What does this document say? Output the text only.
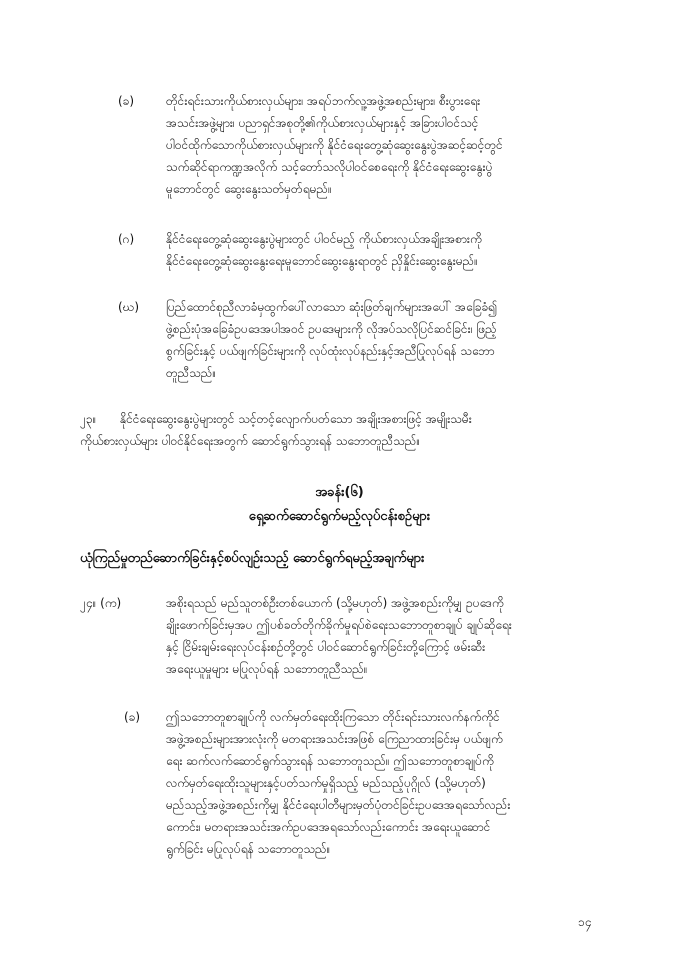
(ခ)	တိုင်းရင်းသားကိုယ်စားလှယ်များ၊ အရပ်ဘက်လူ့အဖွဲ့အစည်းများ၊ စီးပွားရေး
အသင်းအဖွဲ့များ၊ ပညာရှင်အစုတို့၏ကိုယ်စားလှယ်များနှင့် အခြားပါဝင်သင့်
ပါဝင်ထိုက်သောကိုယ်စားလှယ်များကို နိုင်ငံရေးတွေ့ဆုံဆွေးနွေးပွဲအဆင့်ဆင့်တွင်
သက်ဆိုင်ရာကဏ္ဍအလိုက် သင့်တော်သလိုပါဝင်စေရေးကို နိုင်ငံရေးဆွေးနွေးပွဲ
မူဘောင်တွင် ဆွေးနွေးသတ်မှတ်ရမည်။
(ဂ)	နိုင်ငံရေးတွေ့ဆုံဆွေးနွေးပွဲများတွင် ပါဝင်မည့် ကိုယ်စားလှယ်အချိုးအစားကို
နိုင်ငံရေးတွေ့ဆုံဆွေးနွေးရေးမူဘောင်ဆွေးနွေးရာတွင် ညှိနှိုင်းဆွေးနွေးမည်။
(ဃ) ပြည်ထောင်စုညီလာခံမှထွက်ပေါ်လာသော ဆုံးဖြတ်ချက်များအပေါ် အခြေခံ၍
ဖွဲ့စည်းပုံအခြေခံဥပဒေအပါအဝင် ဥပဒေများကို လိုအပ်သလိုပြင်ဆင်ခြင်း၊ ဖြည့်
စွက်ခြင်းနှင့် ပယ်ဖျက်ခြင်းများကို လုပ်ထုံးလုပ်နည်းနှင့်အညီပြုလုပ်ရန် သဘော
တူညီသည်။
၂၃။	နိုင်ငံရေးဆွေးနွေးပွဲများတွင် သင့်တင့်လျောက်ပတ်သော အချိုးအစားဖြင့် အမျိုးသမီး
ကိုယ်စားလှယ်များ ပါဝင်နိုင်ရေးအတွက် ဆောင်ရွက်သွားရန် သဘောတူညီသည်။
အခန်း(၆)
ရှေ့ဆက်ဆောင်ရွက်မည့်လုပ်ငန်းစဉ်များ
ယုံကြည်မှုတည်ဆောက်ခြင်းနှင့်စပ်လျဉ်းသည့် ဆောင်ရွက်ရမည့်အချက်များ
၂၄။ (က)	အစိုးရသည် မည်သူတစ်ဦးတစ်ယောက် (သို့မဟုတ်) အဖွဲ့အစည်းကိုမျှ ဥပဒေကို
ချိုးဖောက်ခြင်းမှအပ ဤပစ်ခတ်တိုက်ခိုက်မှုရပ်စဲရေးသဘောတူစာချုပ် ချုပ်ဆိုရေး
နှင့် ငြိမ်းချမ်းရေးလုပ်ငန်းစဉ်တို့တွင် ပါဝင်ဆောင်ရွက်ခြင်းတို့ကြောင့် ဖမ်းဆီး
အရေးယူမှုများ မပြုလုပ်ရန် သဘောတူညီသည်။
(ခ) ဤသဘောတူစာချုပ်ကို လက်မှတ်ရေးထိုးကြသော တိုင်းရင်းသားလက်နက်ကိုင်
အဖွဲ့အစည်းများအားလုံးကို မတရားအသင်းအဖြစ် ကြေညာထားခြင်းမှ ပယ်ဖျက်
ရေး ဆက်လက်ဆောင်ရွက်သွားရန် သဘောတူသည်။ ဤသဘောတူစာချုပ်ကို
လက်မှတ်ရေးထိုးသူများနှင့်ပတ်သက်မှုရှိသည့် မည်သည့်ပုဂ္ဂိုလ် (သို့မဟုတ်)
မည်သည့်အဖွဲ့အစည်းကိုမျှ နိုင်ငံရေးပါတီများမှတ်ပုံတင်ခြင်းဥပဒေအရသော်လည်း
ကောင်း၊ မတရားအသင်းအက်ဥပဒေအရသော်လည်းကောင်း အရေးယူဆောင်
ရွက်ခြင်း မပြုလုပ်ရန် သဘောတူသည်။
၁၄
